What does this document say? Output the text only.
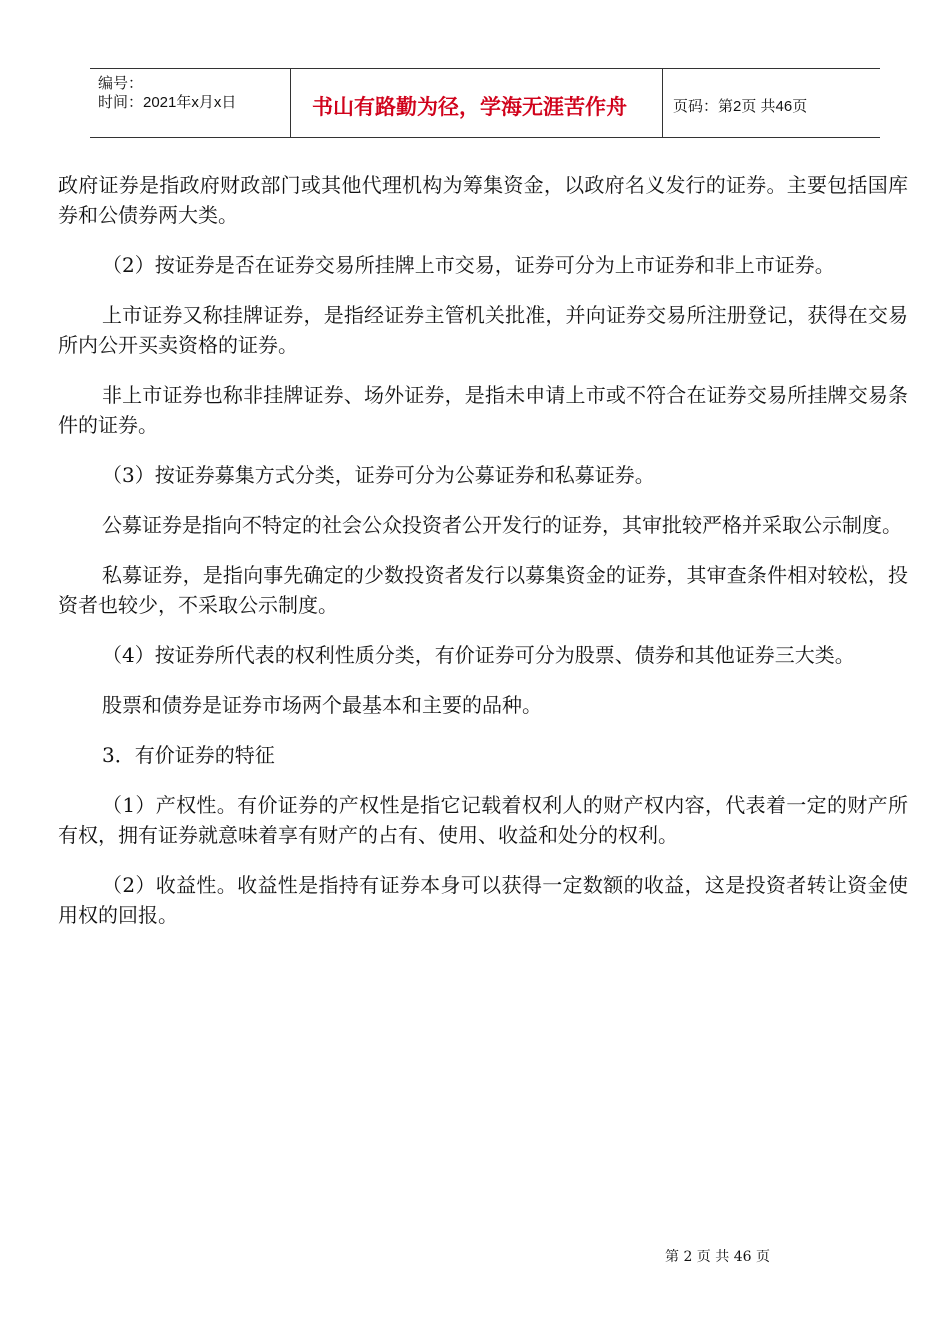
编号：
时间：2021年x月x日	书山有路勤为径，学海无涯苦作舟	页码：第2页 共46页

政府证券是指政府财政部门或其他代理机构为筹集资金，以政府名义发行的证券。主要包括国库券和公债券两大类。

（2）按证券是否在证券交易所挂牌上市交易，证券可分为上市证券和非上市证券。

上市证券又称挂牌证券，是指经证券主管机关批准，并向证券交易所注册登记，获得在交易所内公开买卖资格的证券。

非上市证券也称非挂牌证券、场外证券，是指未申请上市或不符合在证券交易所挂牌交易条件的证券。

（3）按证券募集方式分类，证券可分为公募证券和私募证券。

公募证券是指向不特定的社会公众投资者公开发行的证券，其审批较严格并采取公示制度。

私募证券，是指向事先确定的少数投资者发行以募集资金的证券，其审查条件相对较松，投资者也较少，不采取公示制度。

（4）按证券所代表的权利性质分类，有价证券可分为股票、债券和其他证券三大类。

股票和债券是证券市场两个最基本和主要的品种。

3．有价证券的特征

（1）产权性。有价证券的产权性是指它记载着权利人的财产权内容，代表着一定的财产所有权，拥有证券就意味着享有财产的占有、使用、收益和处分的权利。

（2）收益性。收益性是指持有证券本身可以获得一定数额的收益，这是投资者转让资金使用权的回报。

第 2 页 共 46 页
